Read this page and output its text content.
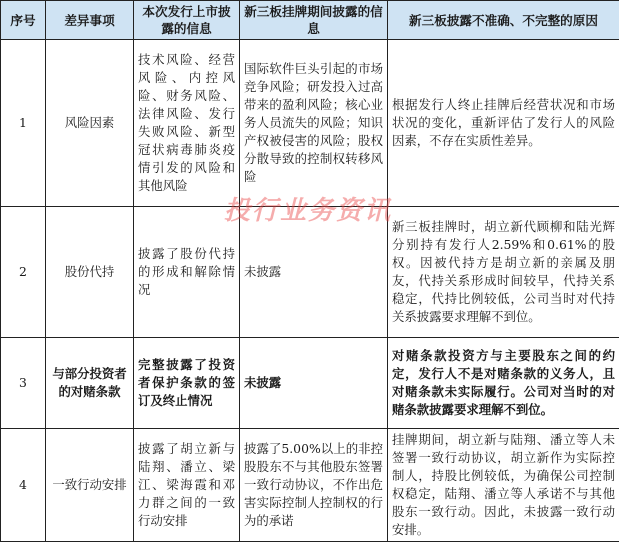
序号	差异事项	本次发行上市披露的信息	新三板挂牌期间披露的信息	新三板披露不准确、不完整的原因
1	风险因素	技术风险、经营风险、内控风险、财务风险、法律风险、发行失败风险、新型冠状病毒肺炎疫情引发的风险和其他风险	国际软件巨头引起的市场竞争风险；研发投入过高带来的盈利风险；核心业务人员流失的风险；知识产权被侵害的风险；股权分散导致的控制权转移风险	根据发行人终止挂牌后经营状况和市场状况的变化，重新评估了发行人的风险因素，不存在实质性差异。
2	股份代持	披露了股份代持的形成和解除情况	未披露	新三板挂牌时，胡立新代顾柳和陆光辉分别持有发行人2.59%和0.61%的股权。因被代持方是胡立新的亲属及朋友，代持关系形成时间较早，代持关系稳定，代持比例较低，公司当时对代持关系披露要求理解不到位。
3	与部分投资者的对赌条款	完整披露了投资者保护条款的签订及终止情况	未披露	对赌条款投资方与主要股东之间的约定，发行人不是对赌条款的义务人，且对赌条款未实际履行。公司对当时的对赌条款披露要求理解不到位。
4	一致行动安排	披露了胡立新与陆翔、潘立、梁江、梁海霞和邓力群之间的一致行动安排	披露了5.00%以上的非控股股东不与其他股东签署一致行动协议，不作出危害实际控制人控制权的行为的承诺	挂牌期间，胡立新与陆翔、潘立等人未签署一致行动协议，胡立新作为实际控制人，持股比例较低，为确保公司控制权稳定，陆翔、潘立等人承诺不与其他股东一致行动。因此，未披露一致行动安排。
投行业务资讯
